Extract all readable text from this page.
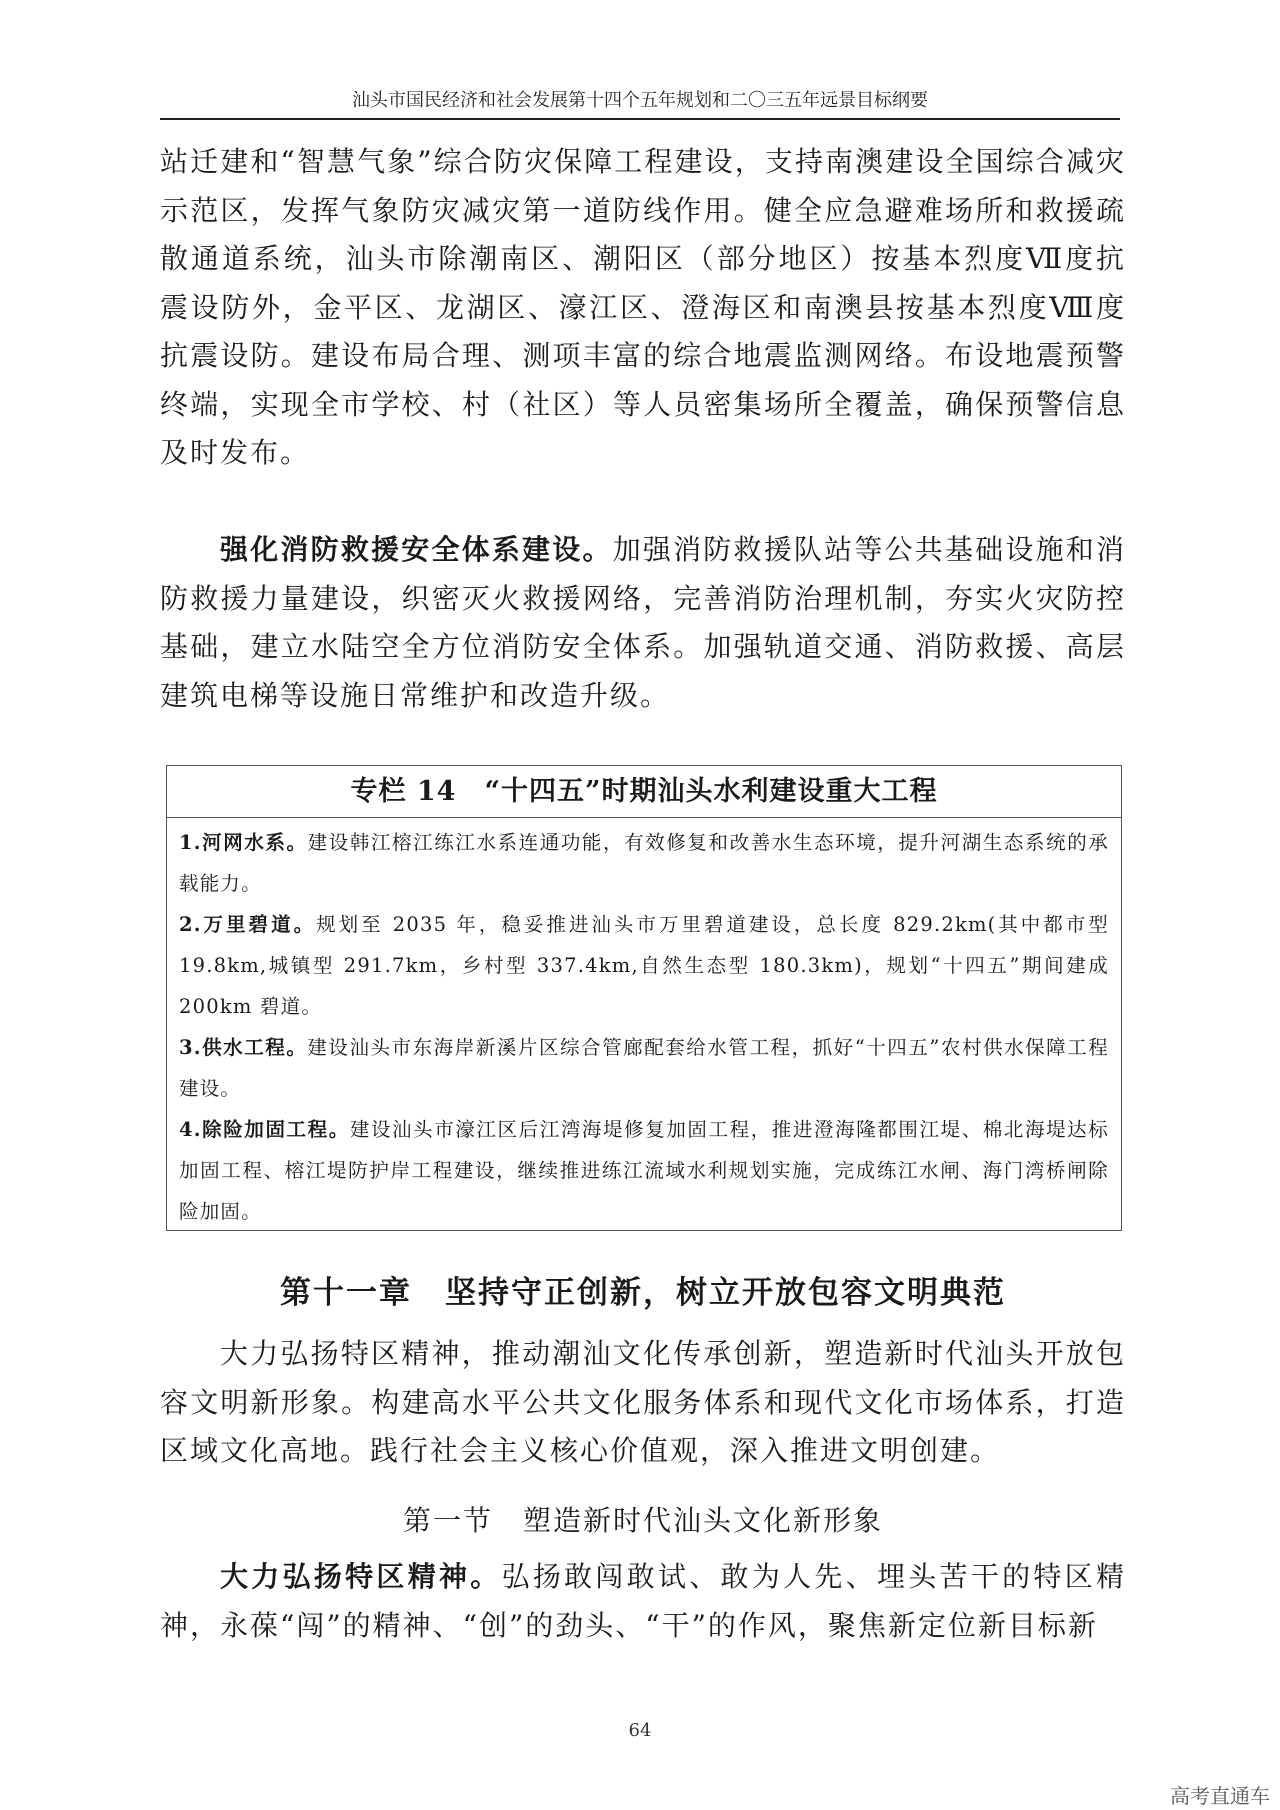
汕头市国民经济和社会发展第十四个五年规划和二〇三五年远景目标纲要

站迁建和“智慧气象”综合防灾保障工程建设，支持南澳建设全国综合减灾示范区，发挥气象防灾减灾第一道防线作用。健全应急避难场所和救援疏散通道系统，汕头市除潮南区、潮阳区（部分地区）按基本烈度Ⅶ度抗震设防外，金平区、龙湖区、濠江区、澄海区和南澳县按基本烈度Ⅷ度抗震设防。建设布局合理、测项丰富的综合地震监测网络。布设地震预警终端，实现全市学校、村（社区）等人员密集场所全覆盖，确保预警信息及时发布。

强化消防救援安全体系建设。加强消防救援队站等公共基础设施和消防救援力量建设，织密灭火救援网络，完善消防治理机制，夯实火灾防控基础，建立水陆空全方位消防安全体系。加强轨道交通、消防救援、高层建筑电梯等设施日常维护和改造升级。

专栏 14　“十四五”时期汕头水利建设重大工程

1.河网水系。建设韩江榕江练江水系连通功能，有效修复和改善水生态环境，提升河湖生态系统的承载能力。

2.万里碧道。规划至 2035 年，稳妥推进汕头市万里碧道建设，总长度 829.2km(其中都市型 19.8km,城镇型 291.7km，乡村型 337.4km,自然生态型 180.3km)，规划“十四五”期间建成 200km 碧道。

3.供水工程。建设汕头市东海岸新溪片区综合管廊配套给水管工程，抓好“十四五”农村供水保障工程建设。

4.除险加固工程。建设汕头市濠江区后江湾海堤修复加固工程，推进澄海隆都围江堤、棉北海堤达标加固工程、榕江堤防护岸工程建设，继续推进练江流域水利规划实施，完成练江水闸、海门湾桥闸除险加固。

第十一章　坚持守正创新，树立开放包容文明典范

大力弘扬特区精神，推动潮汕文化传承创新，塑造新时代汕头开放包容文明新形象。构建高水平公共文化服务体系和现代文化市场体系，打造区域文化高地。践行社会主义核心价值观，深入推进文明创建。

第一节　塑造新时代汕头文化新形象

大力弘扬特区精神。弘扬敢闯敢试、敢为人先、埋头苦干的特区精神，永葆“闯”的精神、“创”的劲头、“干”的作风，聚焦新定位新目标新

64
高考直通车
